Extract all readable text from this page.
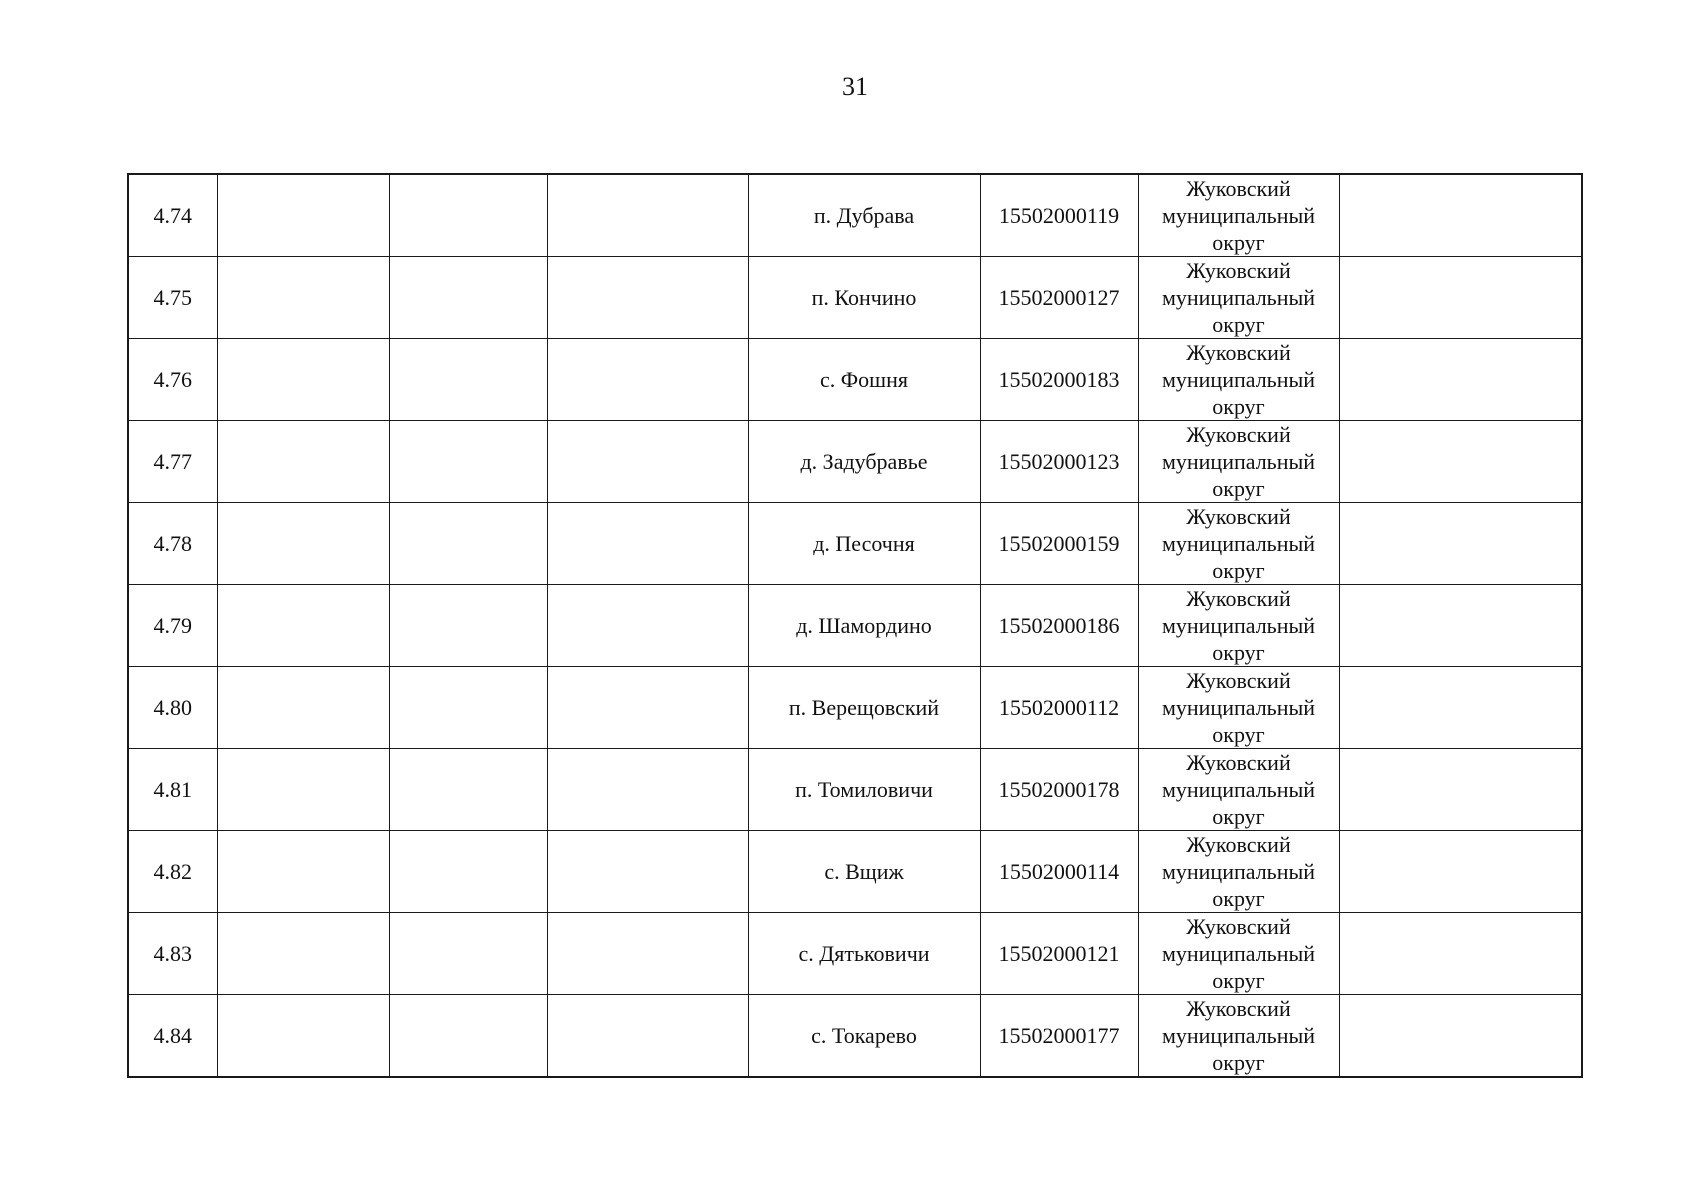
31
4.74				п. Дубрава	15502000119	Жуковский
муниципальный
округ	

4.75				п. Кончино	15502000127	Жуковский
муниципальный
округ	

4.76				с. Фошня	15502000183	Жуковский
муниципальный
округ	

4.77				д. Задубравье	15502000123	Жуковский
муниципальный
округ	

4.78				д. Песочня	15502000159	Жуковский
муниципальный
округ	

4.79				д. Шамордино	15502000186	Жуковский
муниципальный
округ	

4.80				п. Верещовский	15502000112	Жуковский
муниципальный
округ	

4.81				п. Томиловичи	15502000178	Жуковский
муниципальный
округ	

4.82				с. Вщиж	15502000114	Жуковский
муниципальный
округ	

4.83				с. Дятьковичи	15502000121	Жуковский
муниципальный
округ	

4.84				с. Токарево	15502000177	Жуковский
муниципальный
округ	
